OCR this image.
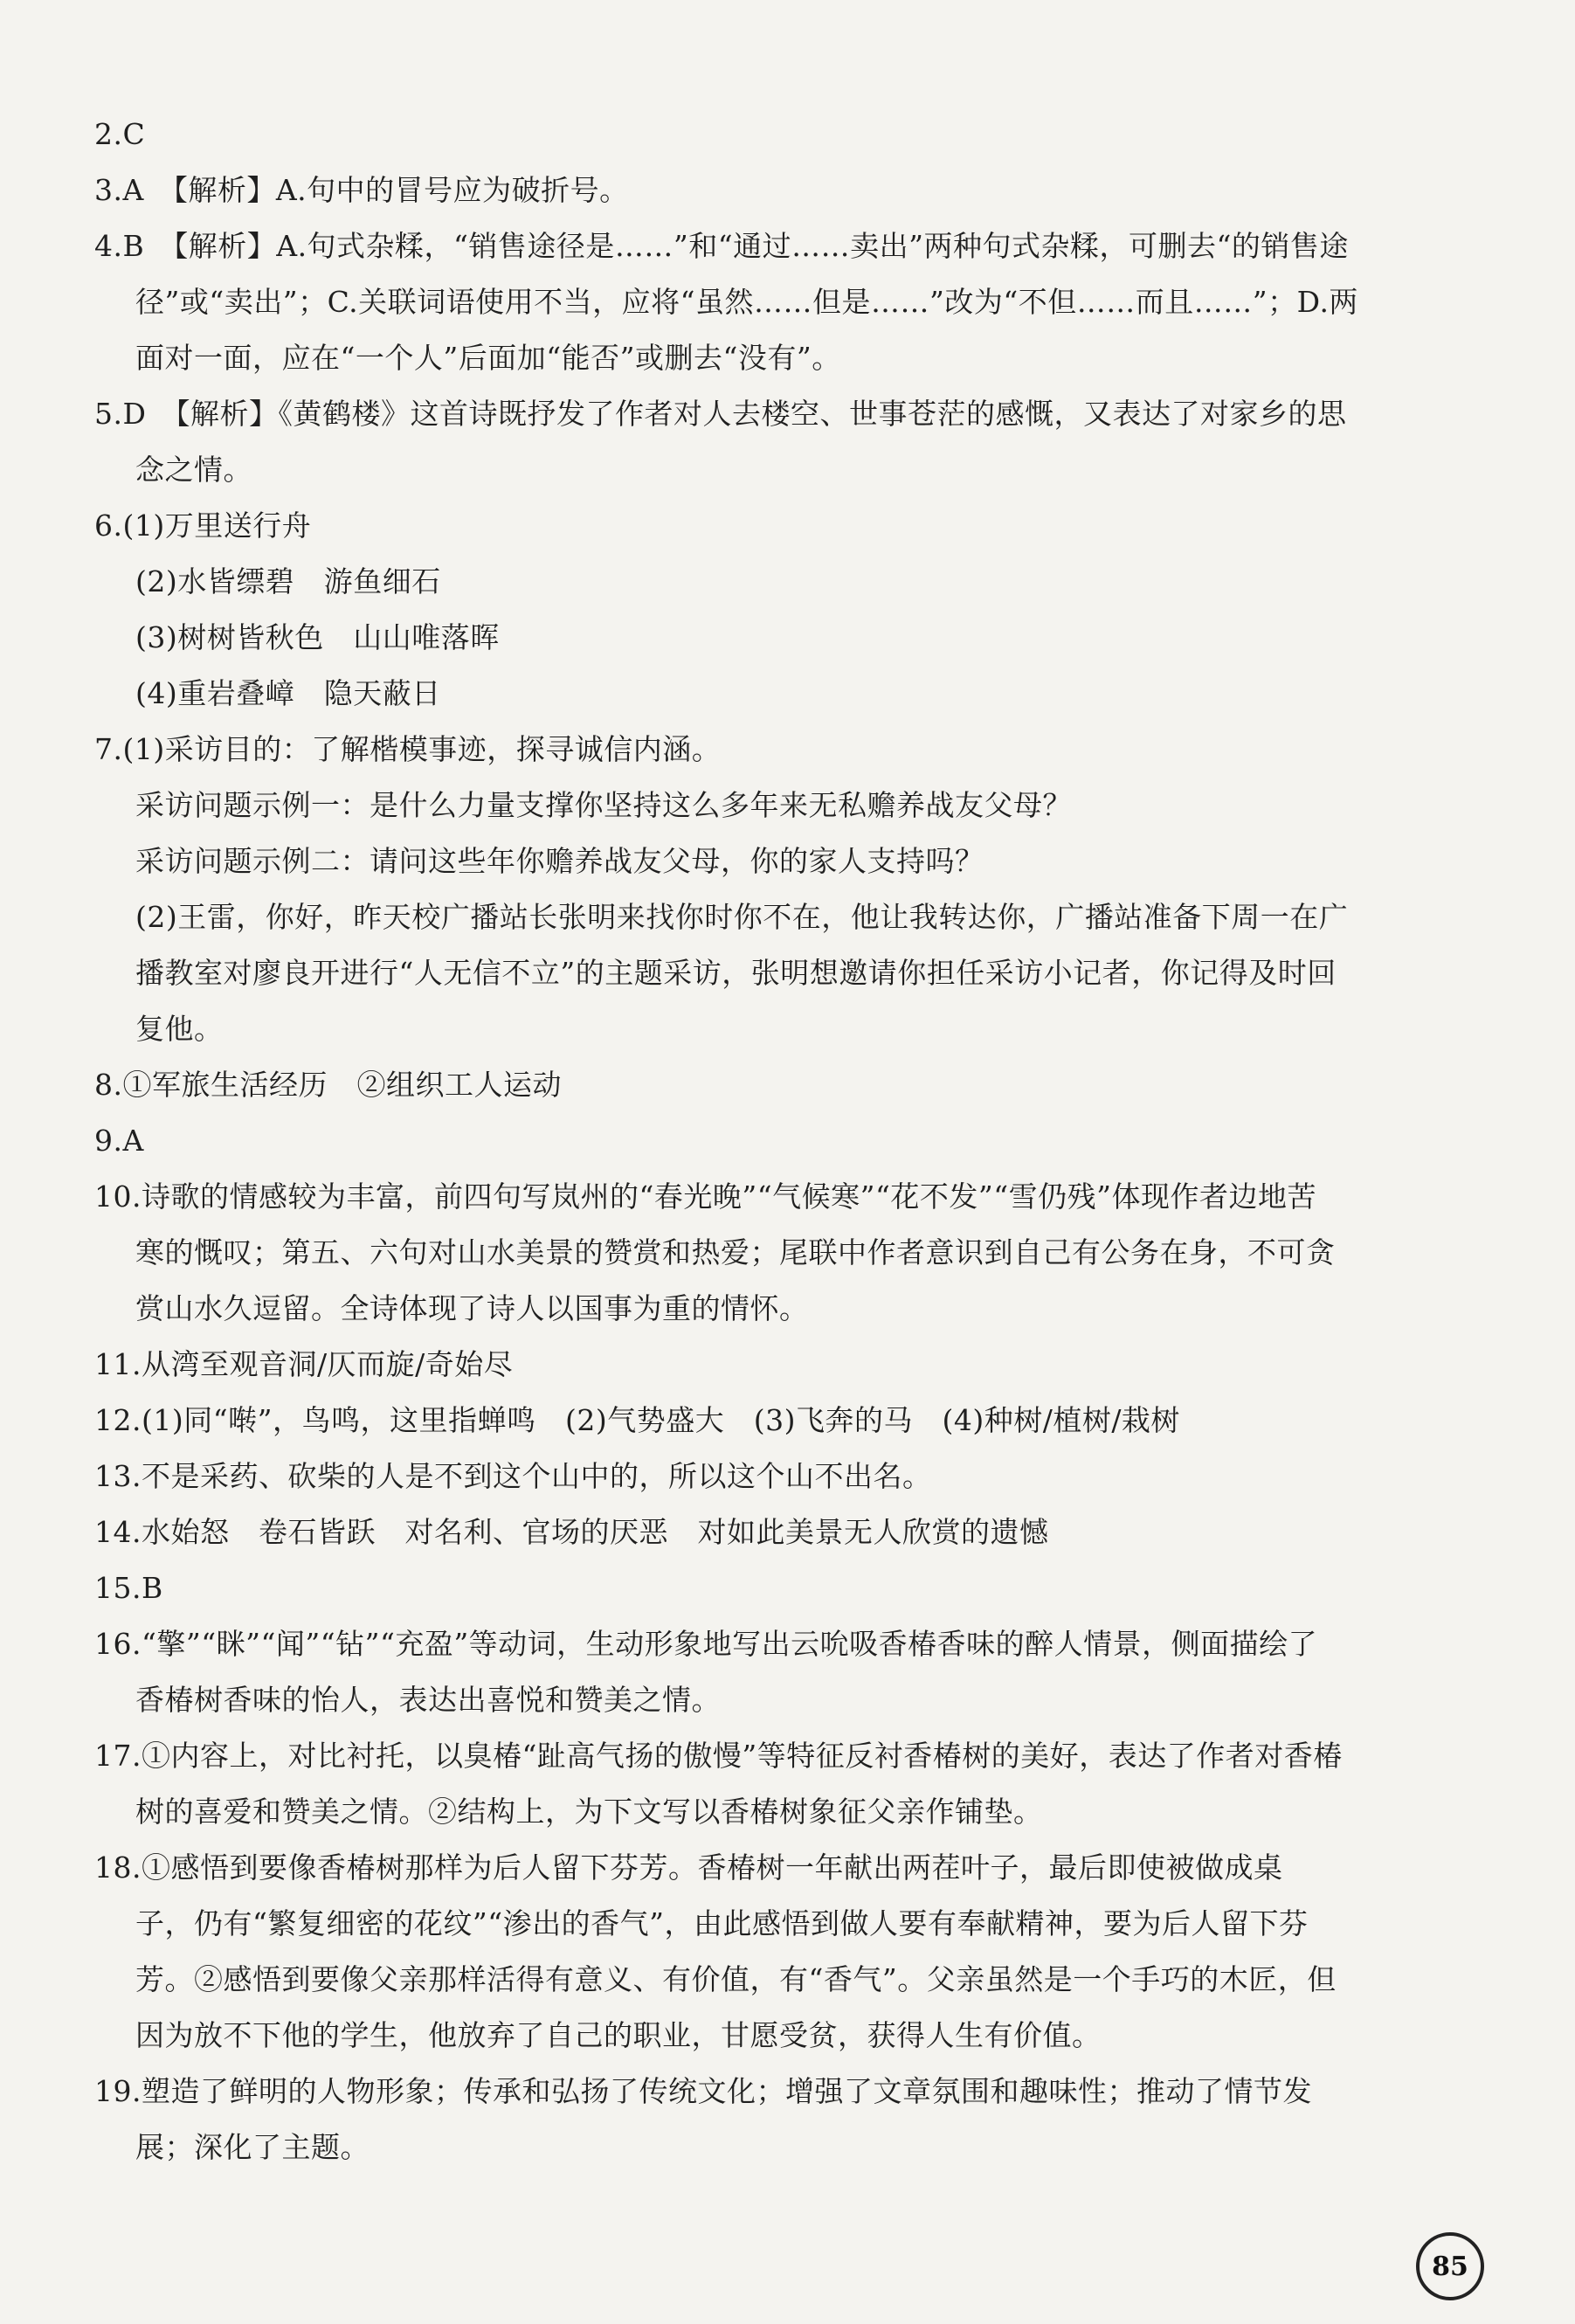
2.C
3.A　【解析】A.句中的冒号应为破折号。
4.B　【解析】A.句式杂糅，“销售途径是……”和“通过……卖出”两种句式杂糅，可删去“的销售途
径”或“卖出”；C.关联词语使用不当，应将“虽然……但是……”改为“不但……而且……”；D.两
面对一面，应在“一个人”后面加“能否”或删去“没有”。
5.D　【解析】《黄鹤楼》这首诗既抒发了作者对人去楼空、世事苍茫的感慨，又表达了对家乡的思
念之情。
6.(1)万里送行舟
(2)水皆缥碧　游鱼细石
(3)树树皆秋色　山山唯落晖
(4)重岩叠嶂　隐天蔽日
7.(1)采访目的：了解楷模事迹，探寻诚信内涵。
采访问题示例一：是什么力量支撑你坚持这么多年来无私赡养战友父母？
采访问题示例二：请问这些年你赡养战友父母，你的家人支持吗？
(2)王雷，你好，昨天校广播站长张明来找你时你不在，他让我转达你，广播站准备下周一在广
播教室对廖良开进行“人无信不立”的主题采访，张明想邀请你担任采访小记者，你记得及时回
复他。
8.①军旅生活经历　②组织工人运动
9.A
10.诗歌的情感较为丰富，前四句写岚州的“春光晚”“气候寒”“花不发”“雪仍残”体现作者边地苦
寒的慨叹；第五、六句对山水美景的赞赏和热爱；尾联中作者意识到自己有公务在身，不可贪
赏山水久逗留。全诗体现了诗人以国事为重的情怀。
11.从湾至观音洞/仄而旋/奇始尽
12.(1)同“啭”，鸟鸣，这里指蝉鸣　(2)气势盛大　(3)飞奔的马　(4)种树/植树/栽树
13.不是采药、砍柴的人是不到这个山中的，所以这个山不出名。
14.水始怒　卷石皆跃　对名利、官场的厌恶　对如此美景无人欣赏的遗憾
15.B
16.“擎”“眯”“闻”“钻”“充盈”等动词，生动形象地写出云吮吸香椿香味的醉人情景，侧面描绘了
香椿树香味的怡人，表达出喜悦和赞美之情。
17.①内容上，对比衬托，以臭椿“趾高气扬的傲慢”等特征反衬香椿树的美好，表达了作者对香椿
树的喜爱和赞美之情。②结构上，为下文写以香椿树象征父亲作铺垫。
18.①感悟到要像香椿树那样为后人留下芬芳。香椿树一年献出两茬叶子，最后即使被做成桌
子，仍有“繁复细密的花纹”“渗出的香气”，由此感悟到做人要有奉献精神，要为后人留下芬
芳。②感悟到要像父亲那样活得有意义、有价值，有“香气”。父亲虽然是一个手巧的木匠，但
因为放不下他的学生，他放弃了自己的职业，甘愿受贫，获得人生有价值。
19.塑造了鲜明的人物形象；传承和弘扬了传统文化；增强了文章氛围和趣味性；推动了情节发
展；深化了主题。
85
